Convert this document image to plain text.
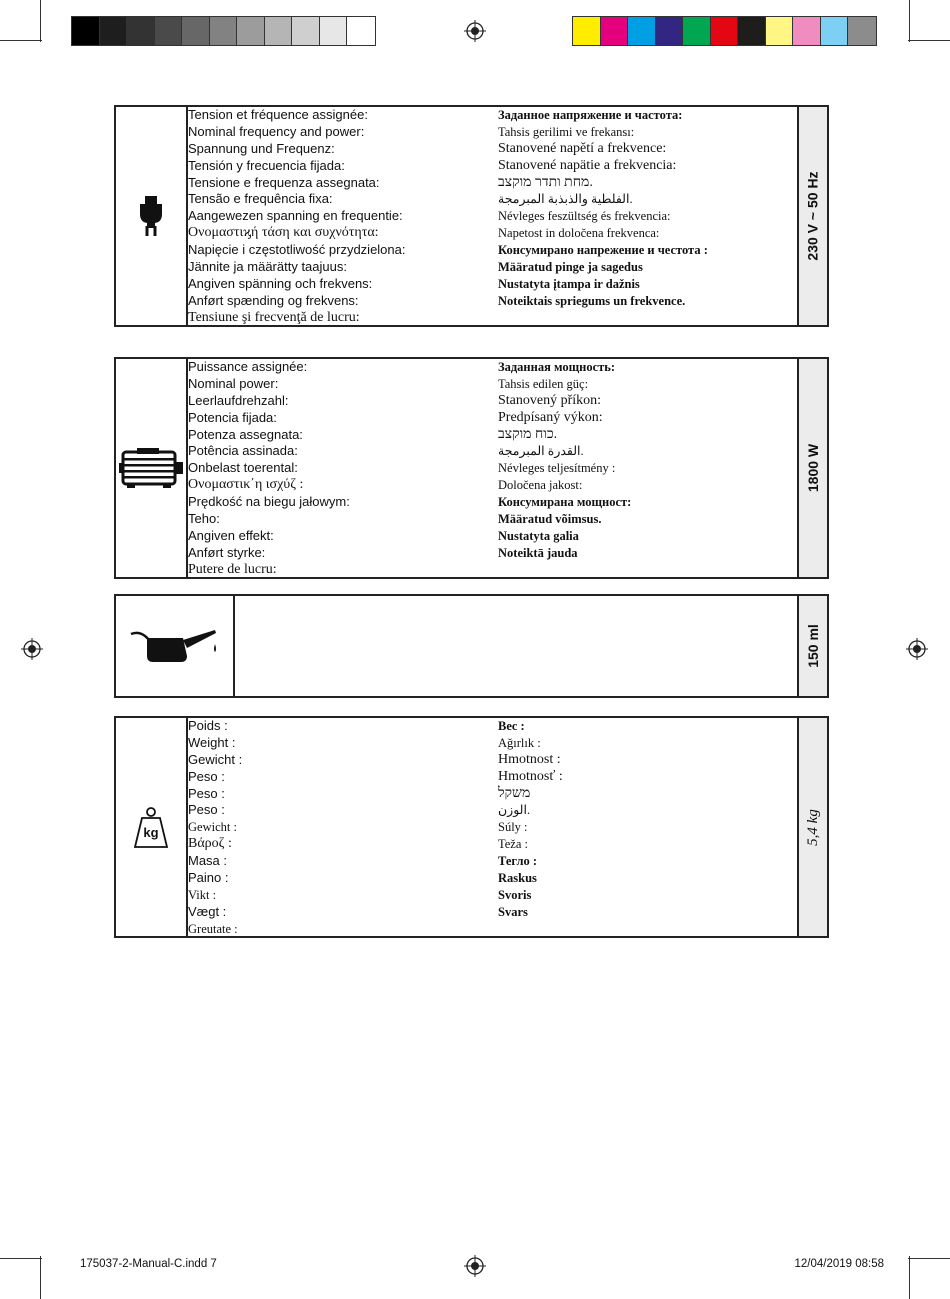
Tension et fréquence assignée:
Nominal frequency and power:
Spannung und Frequenz:
Tensión y frecuencia fijada:
Tensione e frequenza assegnata:
Tensão e frequência fixa:
Aangewezen spanning en frequentie:
Ονομαστιϗή τάση και συχνότητα:
Napięcie i częstotliwość przydzielona:
Jännite ja määrätty taajuus:
Angiven spänning och frekvens:
Anført spænding og frekvens:
Tensiune şi frecvenţă de lucru:
Заданное напряжение и частота:
Tahsis gerilimi ve frekansı:
Stanovené napětí a frekvence:
Stanovené napätie a frekvencia:
מחת ותדר מוקצב.
الفلطية والذبذبة المبرمجة.
Névleges feszültség és frekvencia:
Napetost in določena frekvenca:
Консумирано напрежение и честота :
Määratud pinge ja sagedus
Nustatyta įtampa ir dažnis
Noteiktais spriegums un frekvence.
230 V ~ 50 Hz
Puissance assignée:
Nominal power:
Leerlaufdrehzahl:
Potencia fijada:
Potenza assegnata:
Potência assinada:
Onbelast toerental:
Ονομαστικ΄η ισχύζ :
Prędkość na biegu jałowym:
Teho:
Angiven effekt:
Anført styrke:
Putere de lucru:
Заданная мощность:
Tahsis edilen güç:
Stanovený příkon:
Predpísaný výkon:
כוח מוקצב.
القدرة المبرمجة.
Névleges teljesítmény :
Določena jakost:
Консумирана мощност:
Määratud võimsus.
Nustatyta galia
Noteiktā jauda
1800 W
150 ml
kg
Poids :
Weight :
Gewicht :
Peso :
Peso :
Peso :
Gewicht :
Bάροζ :
Masa :
Paino :
Vikt :
Vægt :
Greutate :
Bec :
Ağırlık :
Hmotnost :
Hmotnosť :
משקל
الوزن.
Súly :
Teža :
Тегло :
Raskus
Svoris
Svars
5,4 kg
175037-2-Manual-C.indd 7	12/04/2019 08:58
